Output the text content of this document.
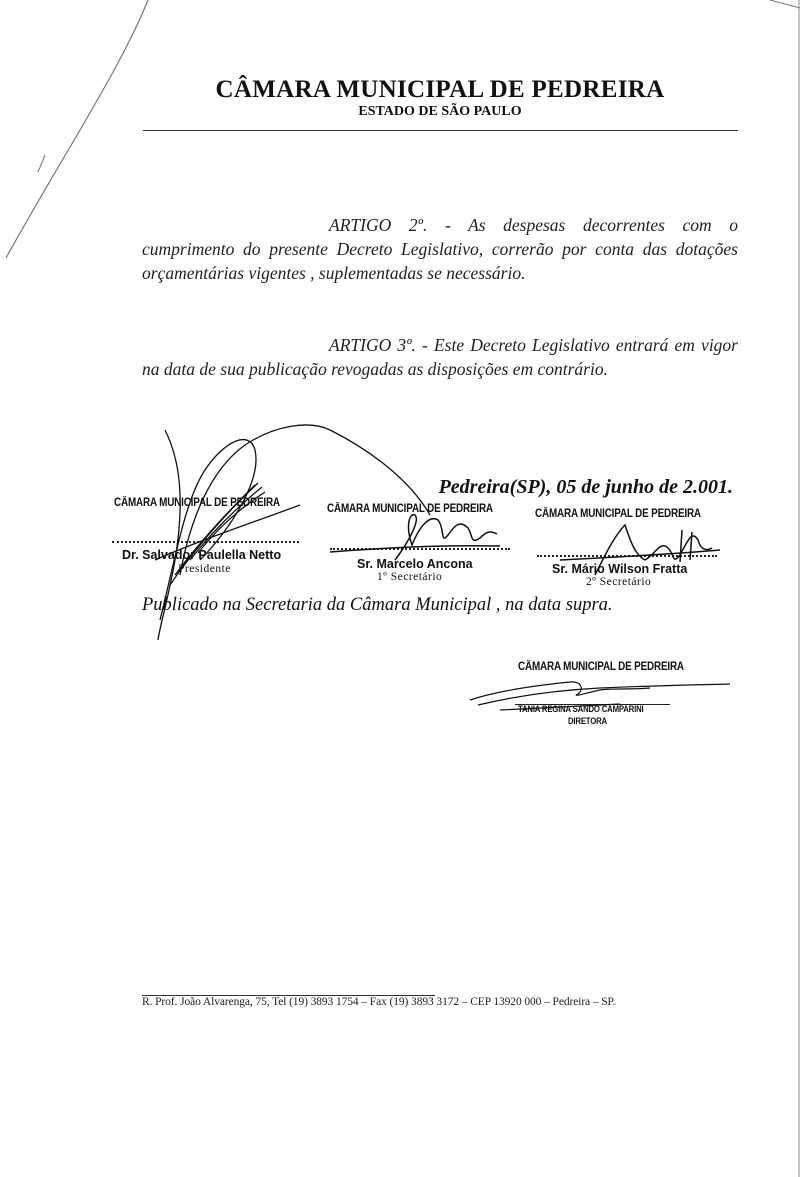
CÂMARA MUNICIPAL DE PEDREIRA
ESTADO DE SÃO PAULO
ARTIGO 2º. - As despesas decorrentes com o cumprimento do presente Decreto Legislativo, correrão por conta das dotações orçamentárias vigentes , suplementadas se necessário.
ARTIGO 3º. - Este Decreto Legislativo entrará em vigor na data de sua publicação revogadas as disposições em contrário.
Pedreira(SP), 05 de junho de 2.001.
CÂMARA MUNICIPAL DE PEDREIRA
Dr. Salvador Paulella Netto
Presidente
CÂMARA MUNICIPAL DE PEDREIRA
Sr. Marcelo Ancona
1º Secretário
CÂMARA MUNICIPAL DE PEDREIRA
Sr. Mário Wilson Fratta
2º Secretário
Publicado na Secretaria da Câmara Municipal , na data supra.
CÂMARA MUNICIPAL DE PEDREIRA
TANIA REGINA SANDO CAMPARINI
DIRETORA
R. Prof. João Alvarenga, 75, Tel (19) 3893 1754 – Fax (19) 3893 3172 – CEP 13920 000 – Pedreira – SP.
